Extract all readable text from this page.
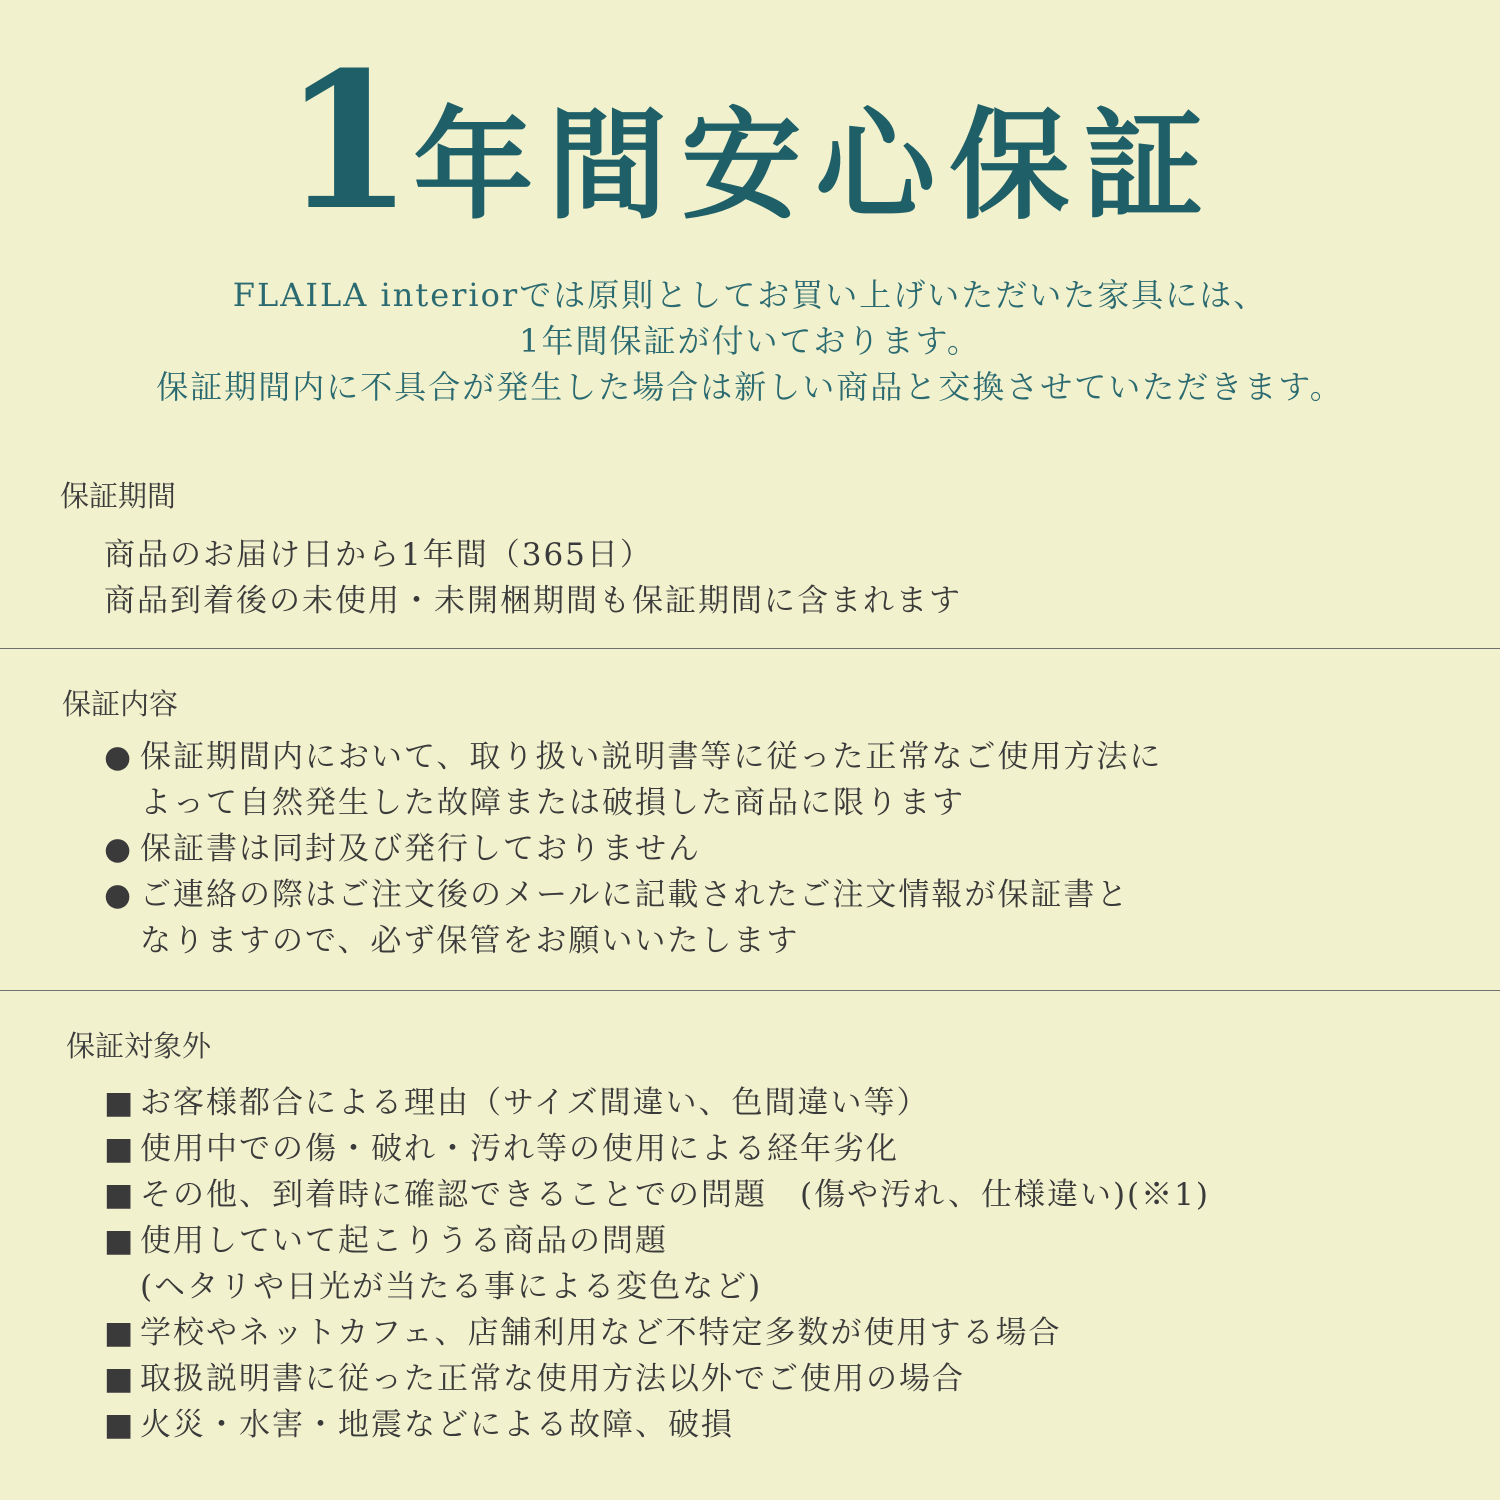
1年間安心保証

FLAILA interiorでは原則としてお買い上げいただいた家具には、

1年間保証が付いております。

保証期間内に不具合が発生した場合は新しい商品と交換させていただきます。

保証期間

商品のお届け日から1年間（365日）

商品到着後の未使用・未開梱期間も保証期間に含まれます

保証内容

● 保証期間内において、取り扱い説明書等に従った正常なご使用方法に

よって自然発生した故障または破損した商品に限ります

● 保証書は同封及び発行しておりません

● ご連絡の際はご注文後のメールに記載されたご注文情報が保証書と

なりますので、必ず保管をお願いいたします

保証対象外

■ お客様都合による理由（サイズ間違い、色間違い等）

■ 使用中での傷・破れ・汚れ等の使用による経年劣化

■ その他、到着時に確認できることでの問題　(傷や汚れ、仕様違い)(※1)

■ 使用していて起こりうる商品の問題

(ヘタリや日光が当たる事による変色など)

■ 学校やネットカフェ、店舗利用など不特定多数が使用する場合

■ 取扱説明書に従った正常な使用方法以外でご使用の場合

■ 火災・水害・地震などによる故障、破損
